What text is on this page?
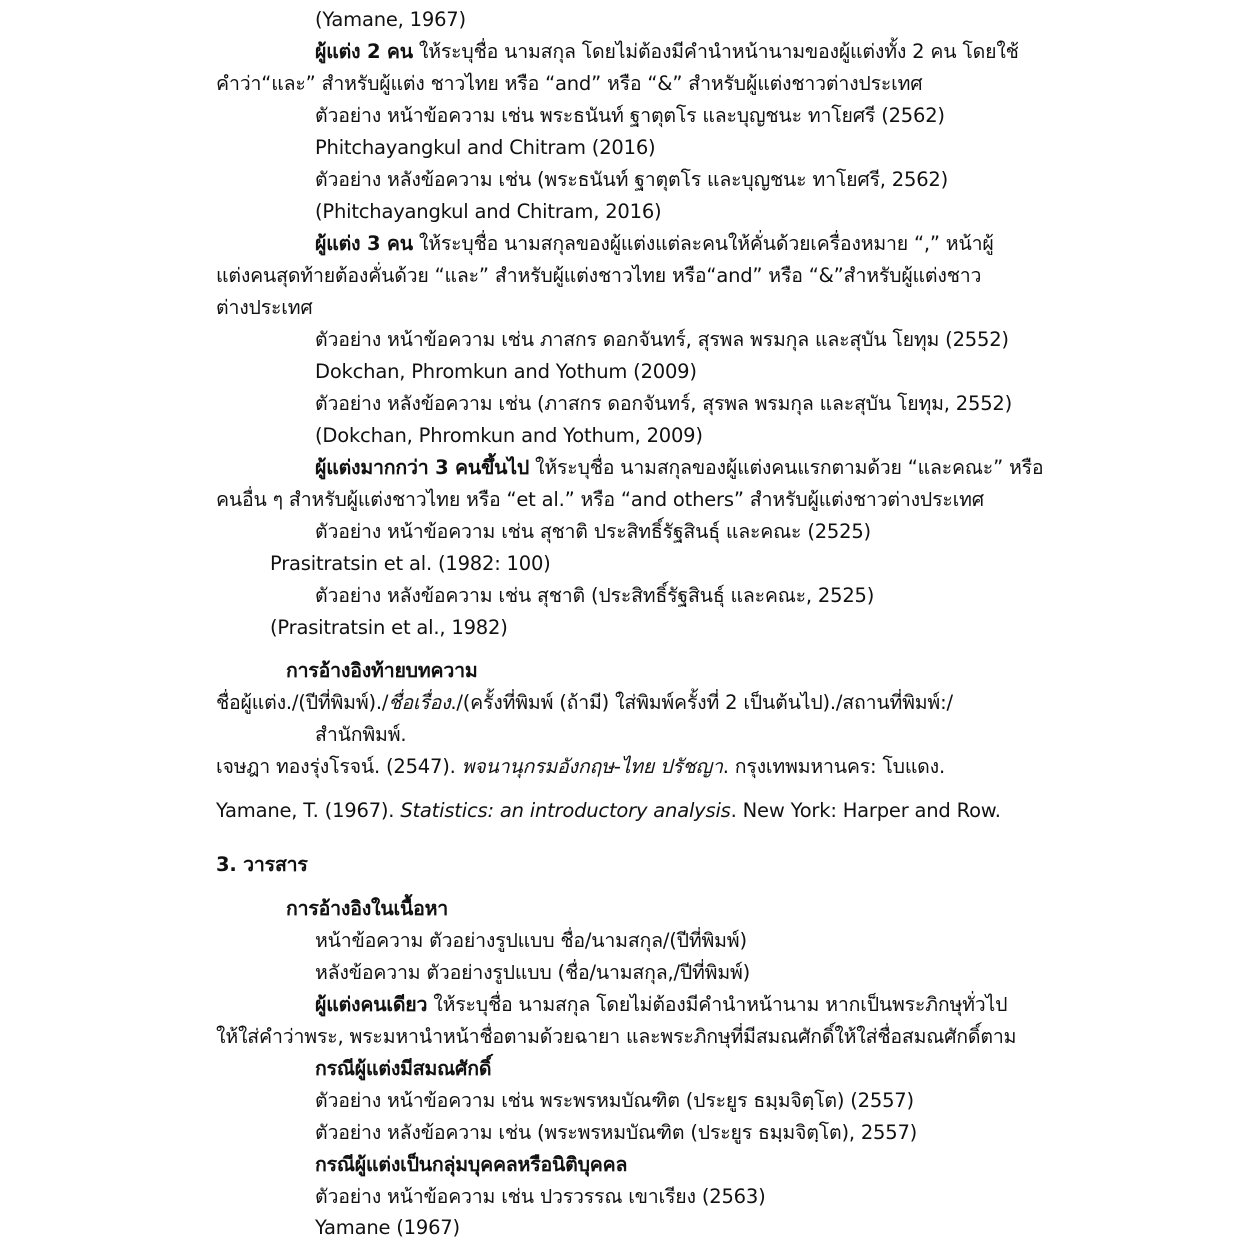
(Yamane, 1967)
ผู้แต่ง 2 คน ให้ระบุชื่อ นามสกุล โดยไม่ต้องมีคำนำหน้านามของผู้แต่งทั้ง 2 คน โดยใช้
คำว่า“และ” สำหรับผู้แต่ง ชาวไทย หรือ “and” หรือ “&” สำหรับผู้แต่งชาวต่างประเทศ
ตัวอย่าง หน้าข้อความ เช่น พระธนันท์ ฐาตุตโร และบุญชนะ ทาโยศรี (2562)
Phitchayangkul and Chitram (2016)
ตัวอย่าง หลังข้อความ เช่น (พระธนันท์ ฐาตุตโร และบุญชนะ ทาโยศรี, 2562)
(Phitchayangkul and Chitram, 2016)
ผู้แต่ง 3 คน ให้ระบุชื่อ นามสกุลของผู้แต่งแต่ละคนให้คั่นด้วยเครื่องหมาย “,” หน้าผู้
แต่งคนสุดท้ายต้องคั่นด้วย “และ” สำหรับผู้แต่งชาวไทย หรือ“and” หรือ “&”สำหรับผู้แต่งชาว
ต่างประเทศ
ตัวอย่าง หน้าข้อความ เช่น ภาสกร ดอกจันทร์, สุรพล พรมกุล และสุบัน โยทุม (2552)
Dokchan, Phromkun and Yothum (2009)
ตัวอย่าง หลังข้อความ เช่น (ภาสกร ดอกจันทร์, สุรพล พรมกุล และสุบัน โยทุม, 2552)
(Dokchan, Phromkun and Yothum, 2009)
ผู้แต่งมากกว่า 3 คนขึ้นไป ให้ระบุชื่อ นามสกุลของผู้แต่งคนแรกตามด้วย “และคณะ” หรือ
คนอื่น ๆ สำหรับผู้แต่งชาวไทย หรือ “et al.” หรือ “and others” สำหรับผู้แต่งชาวต่างประเทศ
ตัวอย่าง หน้าข้อความ เช่น สุชาติ ประสิทธิ์รัฐสินธุ์ และคณะ (2525)
Prasitratsin et al. (1982: 100)
ตัวอย่าง หลังข้อความ เช่น สุชาติ (ประสิทธิ์รัฐสินธุ์ และคณะ, 2525)
(Prasitratsin et al., 1982)
การอ้างอิงท้ายบทความ
ชื่อผู้แต่ง./(ปีที่พิมพ์)./ชื่อเรื่อง./(ครั้งที่พิมพ์ (ถ้ามี) ใส่พิมพ์ครั้งที่ 2 เป็นต้นไป)./สถานที่พิมพ์:/
สำนักพิมพ์.
เจษฎา ทองรุ่งโรจน์. (2547). พจนานุกรมอังกฤษ-ไทย ปรัชญา. กรุงเทพมหานคร: โบแดง.
Yamane, T. (1967). Statistics: an introductory analysis. New York: Harper and Row.
3. วารสาร
การอ้างอิงในเนื้อหา
หน้าข้อความ ตัวอย่างรูปแบบ ชื่อ/นามสกุล/(ปีที่พิมพ์)
หลังข้อความ ตัวอย่างรูปแบบ (ชื่อ/นามสกุล,/ปีที่พิมพ์)
ผู้แต่งคนเดียว ให้ระบุชื่อ นามสกุล โดยไม่ต้องมีคำนำหน้านาม หากเป็นพระภิกษุทั่วไป
ให้ใส่คำว่าพระ, พระมหานำหน้าชื่อตามด้วยฉายา และพระภิกษุที่มีสมณศักดิ์ให้ใส่ชื่อสมณศักดิ์ตาม
กรณีผู้แต่งมีสมณศักดิ์
ตัวอย่าง หน้าข้อความ เช่น พระพรหมบัณฑิต (ประยูร ธมฺมจิตฺโต) (2557)
ตัวอย่าง หลังข้อความ เช่น (พระพรหมบัณฑิต (ประยูร ธมฺมจิตฺโต), 2557)
กรณีผู้แต่งเป็นกลุ่มบุคคลหรือนิติบุคคล
ตัวอย่าง หน้าข้อความ เช่น ปวรวรรณ เขาเรียง (2563)
Yamane (1967)
